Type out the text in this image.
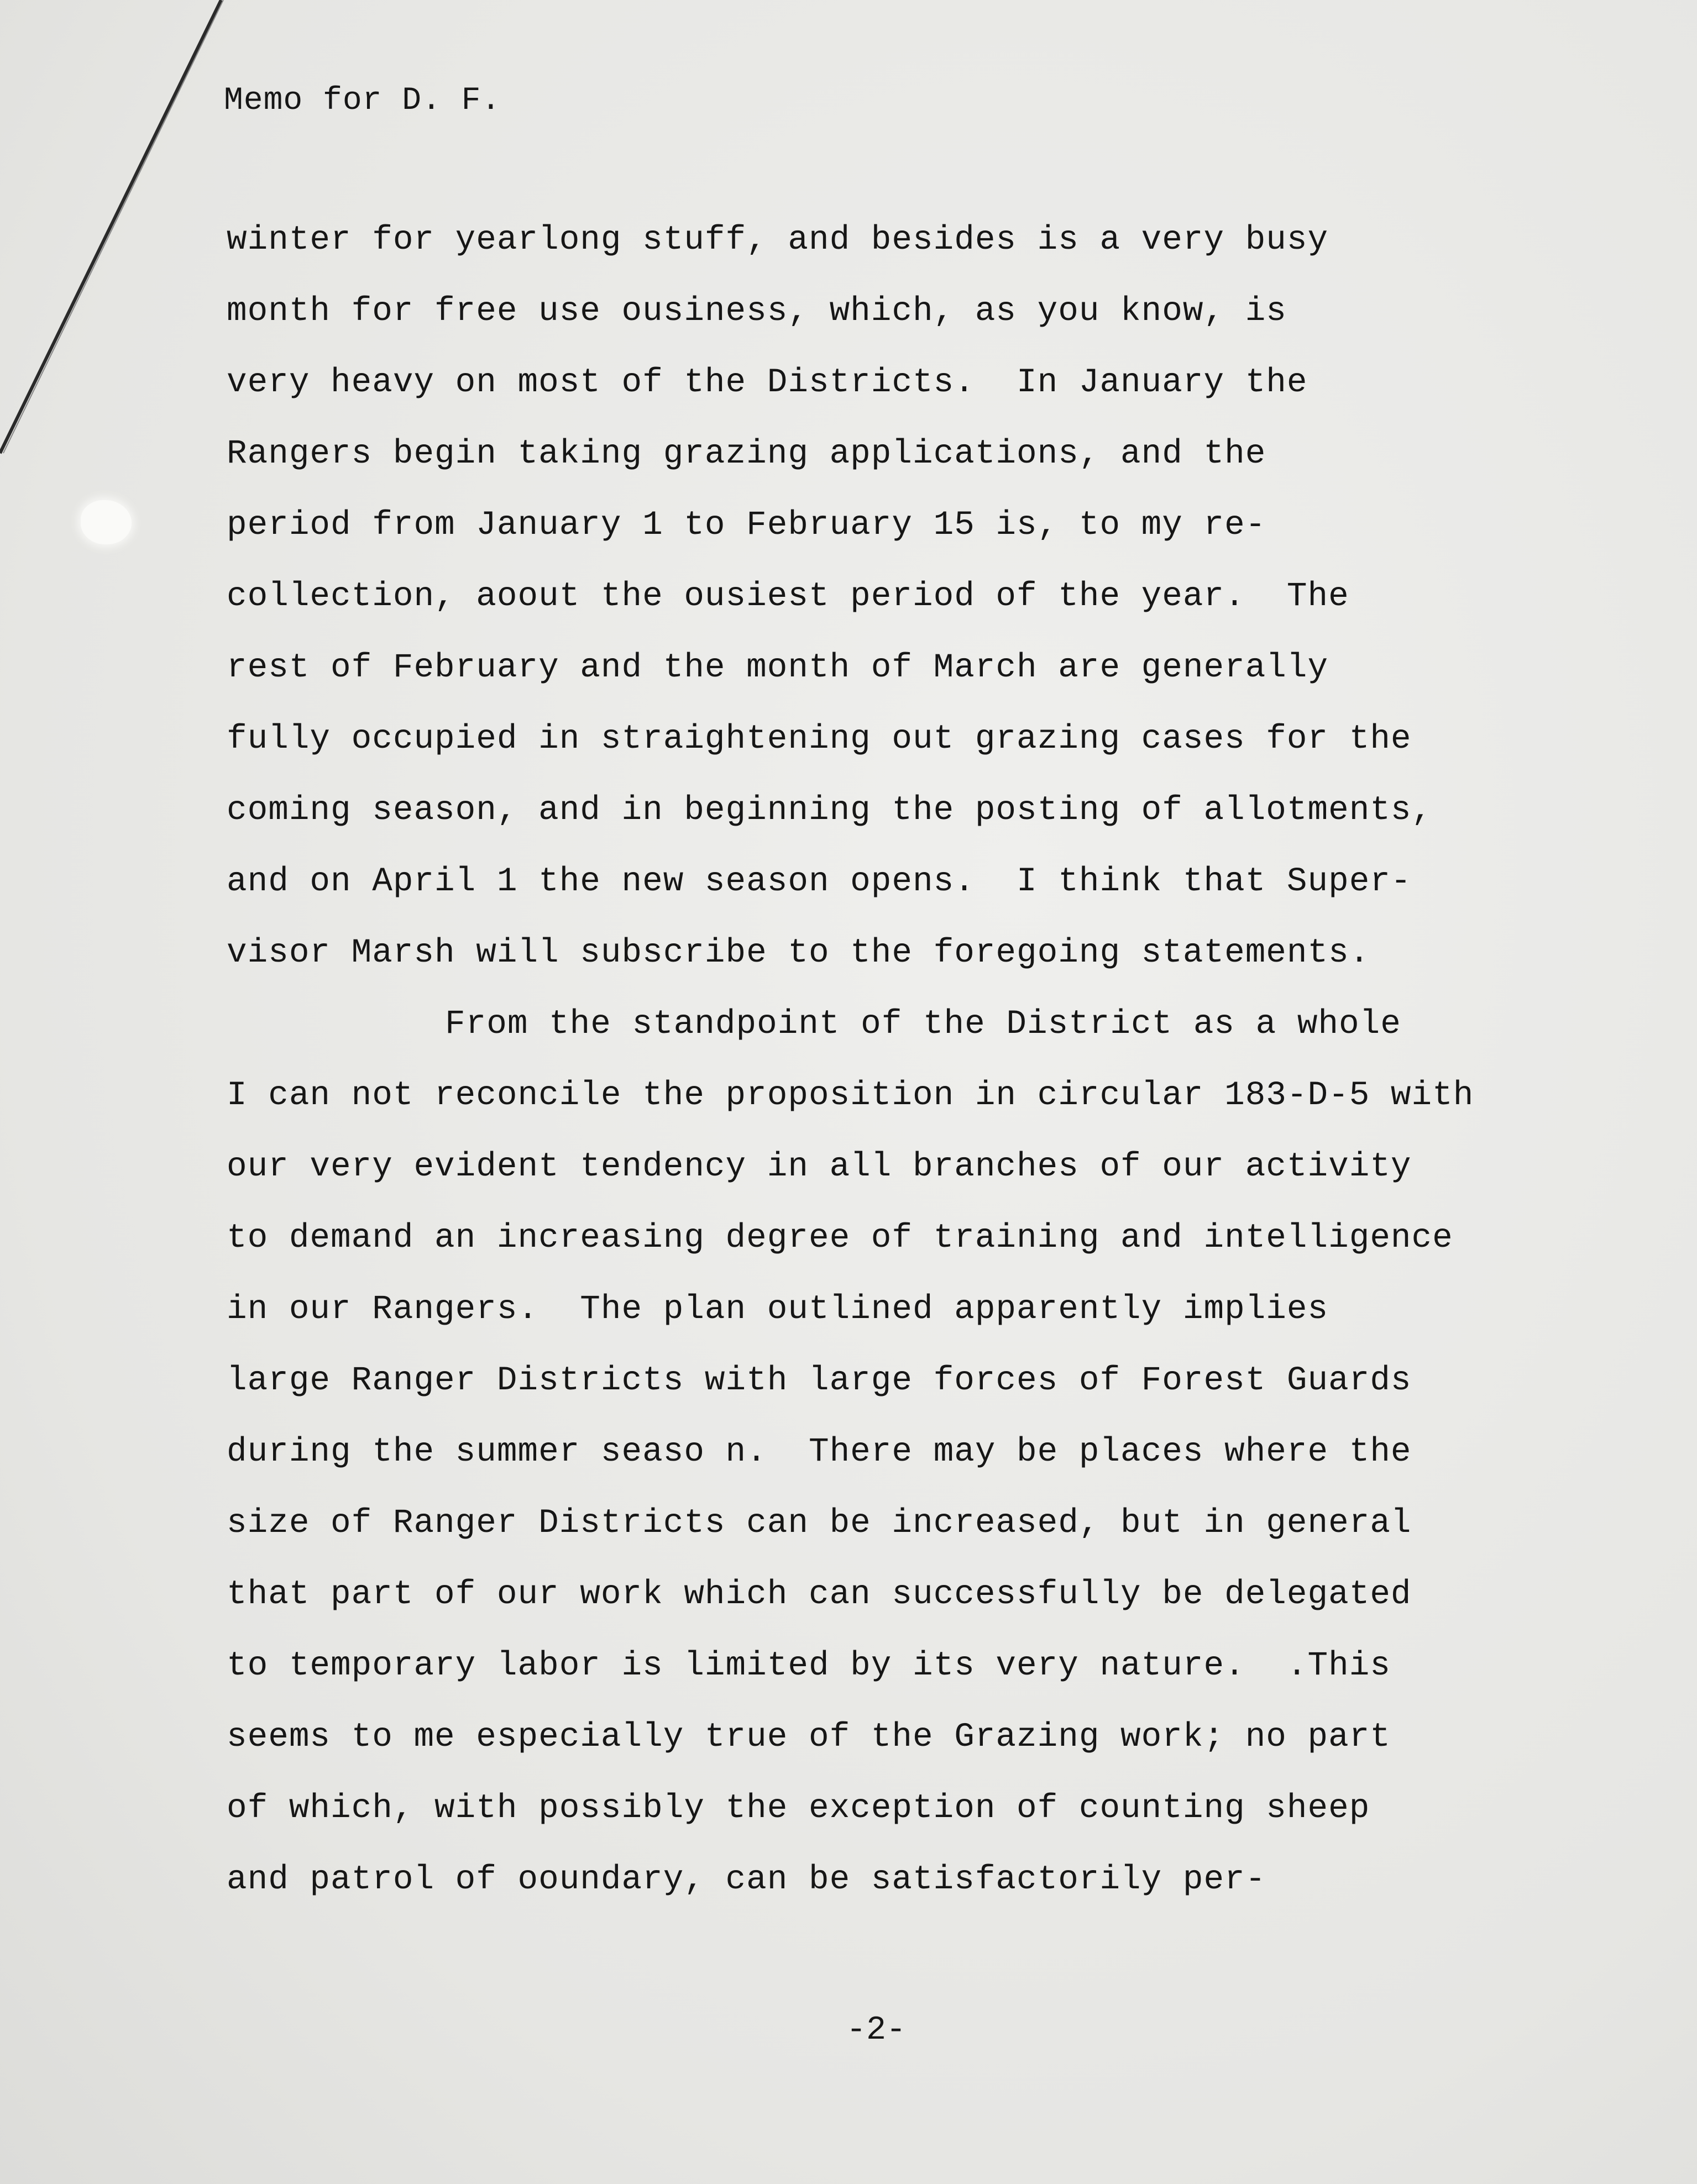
Memo for D. F.
winter for yearlong stuff, and besides is a very busy
month for free use ousiness, which, as you know, is
very heavy on most of the Districts.  In January the
Rangers begin taking grazing applications, and the
period from January 1 to February 15 is, to my re-
collection, aoout the ousiest period of the year.  The
rest of February and the month of March are generally
fully occupied in straightening out grazing cases for the
coming season, and in beginning the posting of allotments,
and on April 1 the new season opens.  I think that Super-
visor Marsh will subscribe to the foregoing statements.
From the standpoint of the District as a whole
I can not reconcile the proposition in circular 183-D-5 with
our very evident tendency in all branches of our activity
to demand an increasing degree of training and intelligence
in our Rangers.  The plan outlined apparently implies
large Ranger Districts with large forces of Forest Guards
during the summer seaso n.  There may be places where the
size of Ranger Districts can be increased, but in general
that part of our work which can successfully be delegated
to temporary labor is limited by its very nature.  .This
seems to me especially true of the Grazing work; no part
of which, with possibly the exception of counting sheep
and patrol of ooundary, can be satisfactorily per-
-2-
